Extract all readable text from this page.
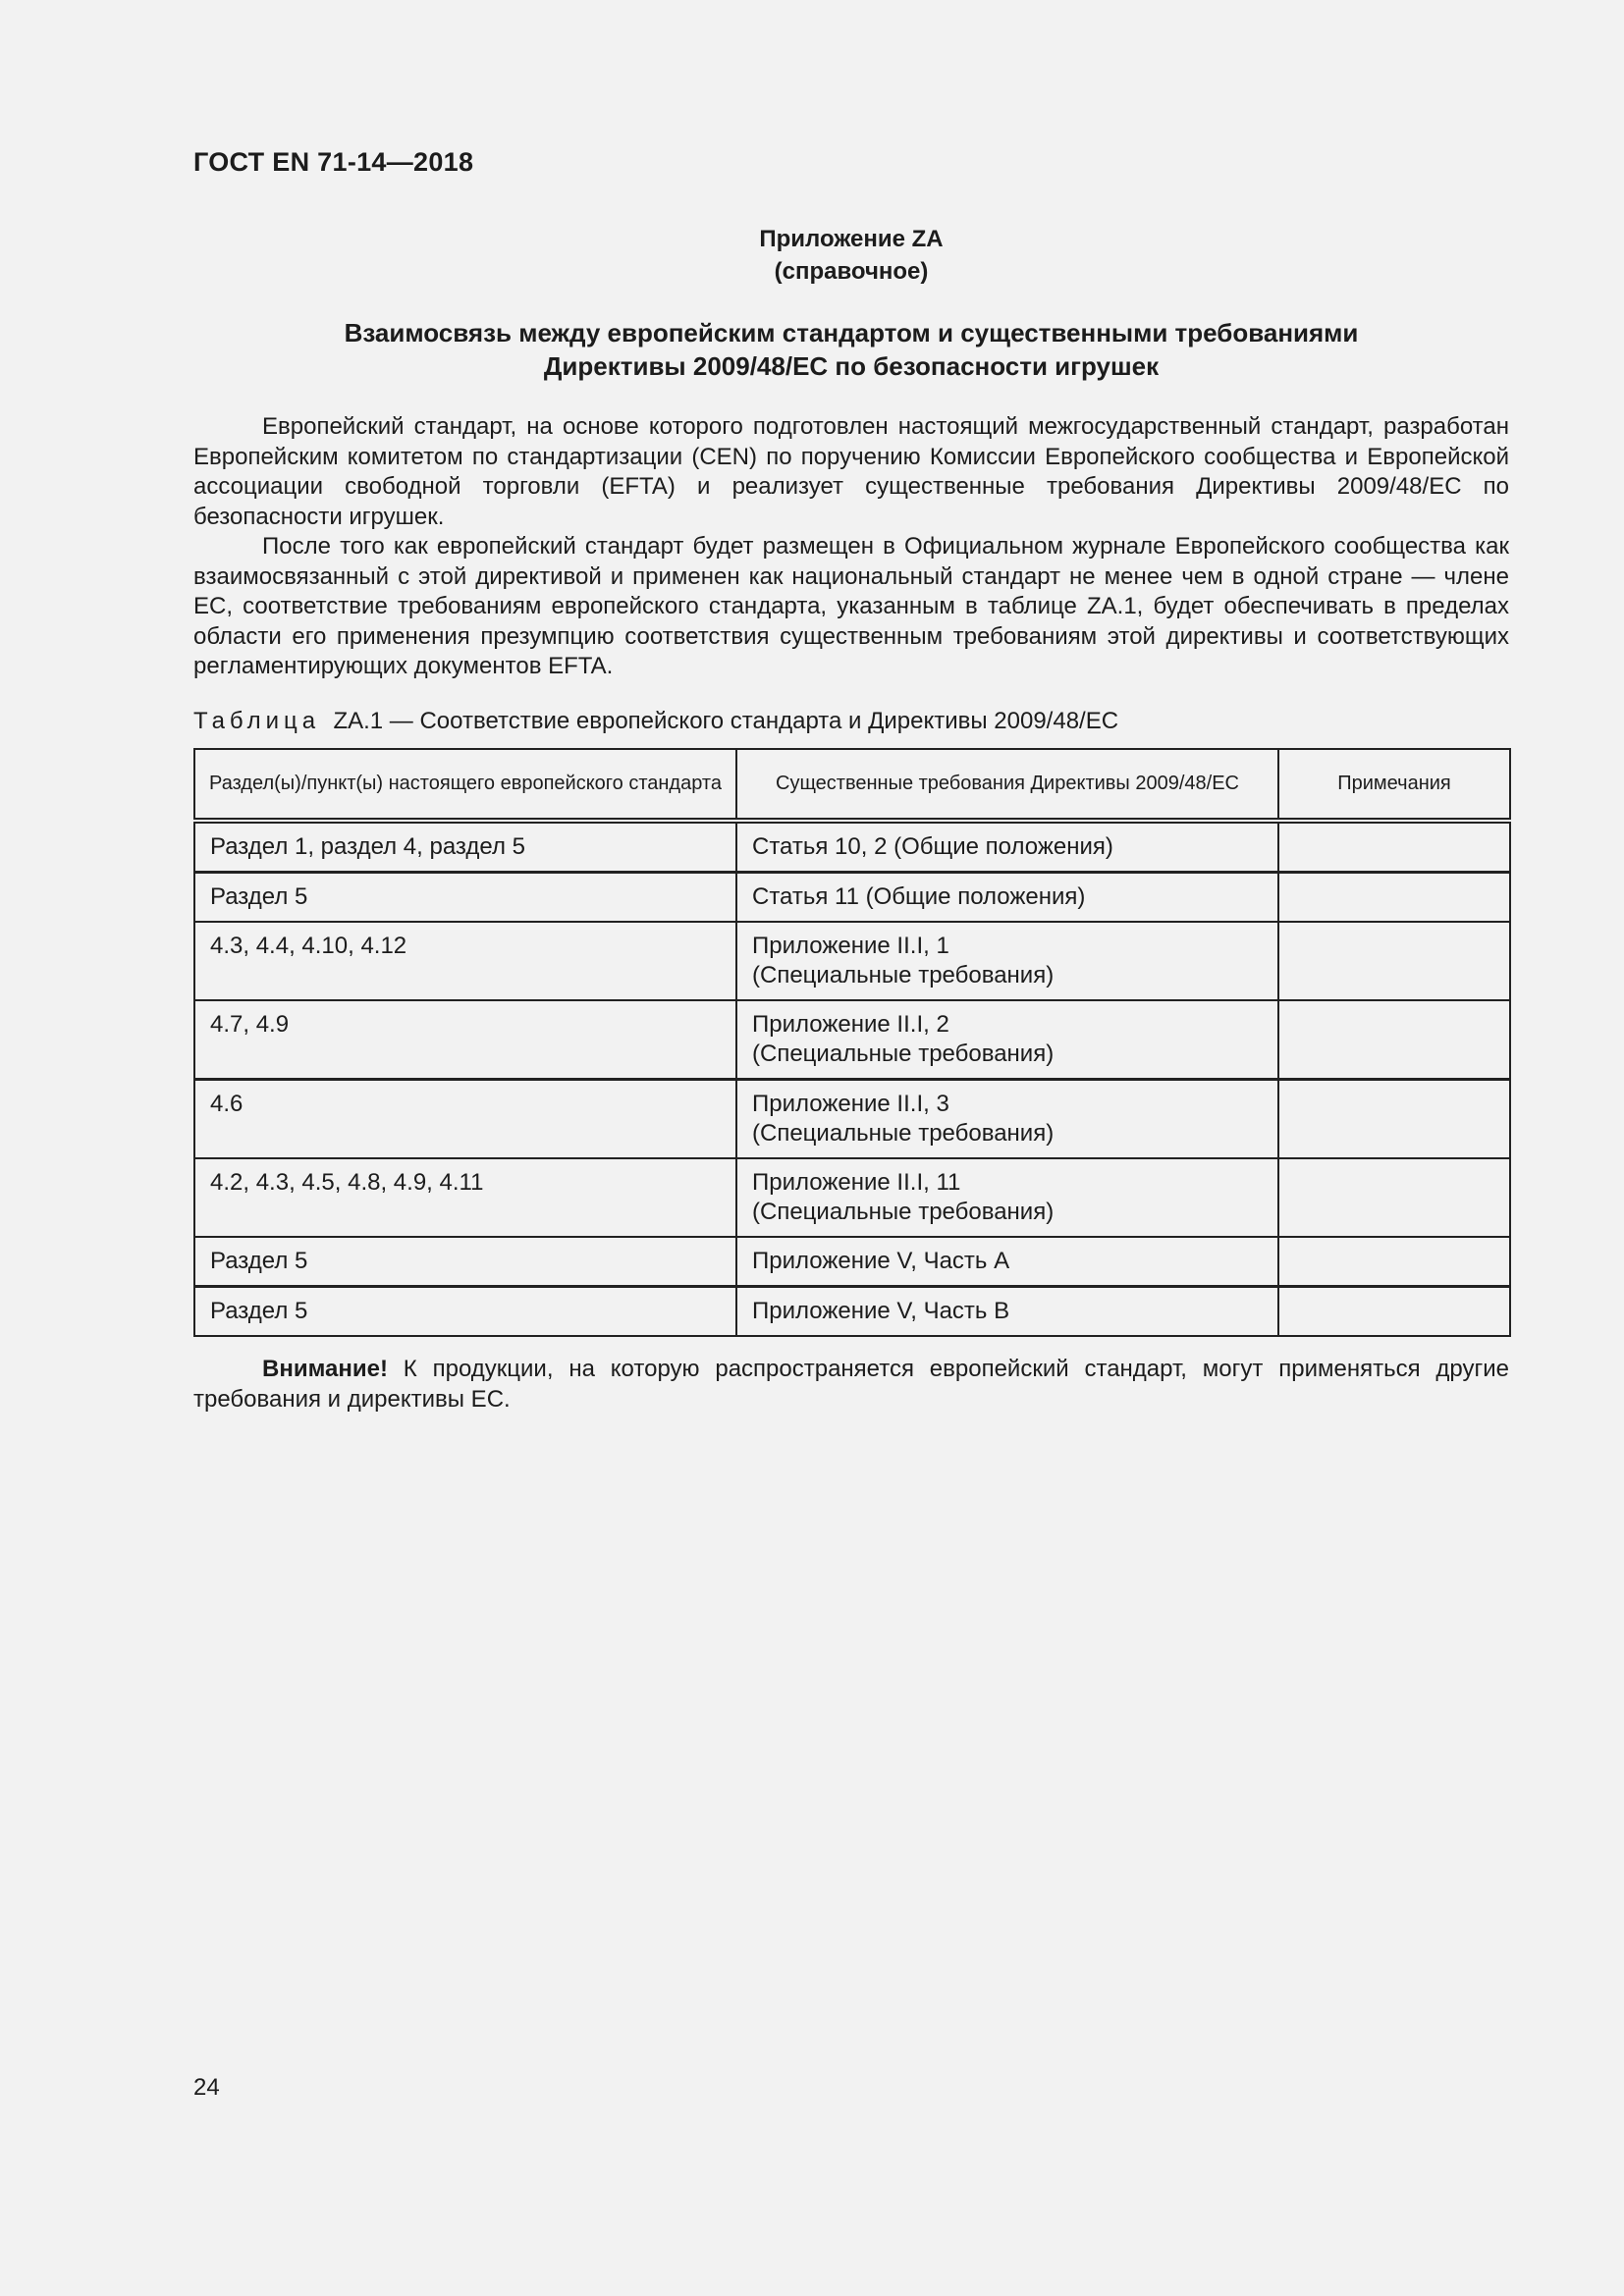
ГОСТ EN 71-14—2018
Приложение ZA
(справочное)
Взаимосвязь между европейским стандартом и существенными требованиями
Директивы 2009/48/ЕС по безопасности игрушек

Европейский стандарт, на основе которого подготовлен настоящий межгосударственный стандарт, разработан Европейским комитетом по стандартизации (CEN) по поручению Комиссии Европейского сообщества и Европейской ассоциации свободной торговли (EFTA) и реализует существенные требования Директивы 2009/48/ЕС по безопасности игрушек.

После того как европейский стандарт будет размещен в Официальном журнале Европейского сообщества как взаимосвязанный с этой директивой и применен как национальный стандарт не менее чем в одной стране — члене ЕС, соответствие требованиям европейского стандарта, указанным в таблице ZA.1, будет обеспечивать в пределах области его применения презумпцию соответствия существенным требованиям этой директивы и соответствующих регламентирующих документов EFTA.

Таблица ZA.1 — Соответствие европейского стандарта и Директивы 2009/48/ЕС
Раздел(ы)/пункт(ы) настоящего европейского стандарта	Существенные требования Директивы 2009/48/ЕС	Примечания
Раздел 1, раздел 4, раздел 5	Статья 10, 2 (Общие положения)	

Раздел 5	Статья 11 (Общие положения)	

4.3, 4.4, 4.10, 4.12	Приложение II.I, 1
(Специальные требования)	

4.7, 4.9	Приложение II.I, 2
(Специальные требования)	

4.6	Приложение II.I, 3
(Специальные требования)	

4.2, 4.3, 4.5, 4.8, 4.9, 4.11	Приложение II.I, 11
(Специальные требования)	

Раздел 5	Приложение V, Часть А	

Раздел 5	Приложение V, Часть В	

Внимание! К продукции, на которую распространяется европейский стандарт, могут применяться другие требования и директивы ЕС.

24
